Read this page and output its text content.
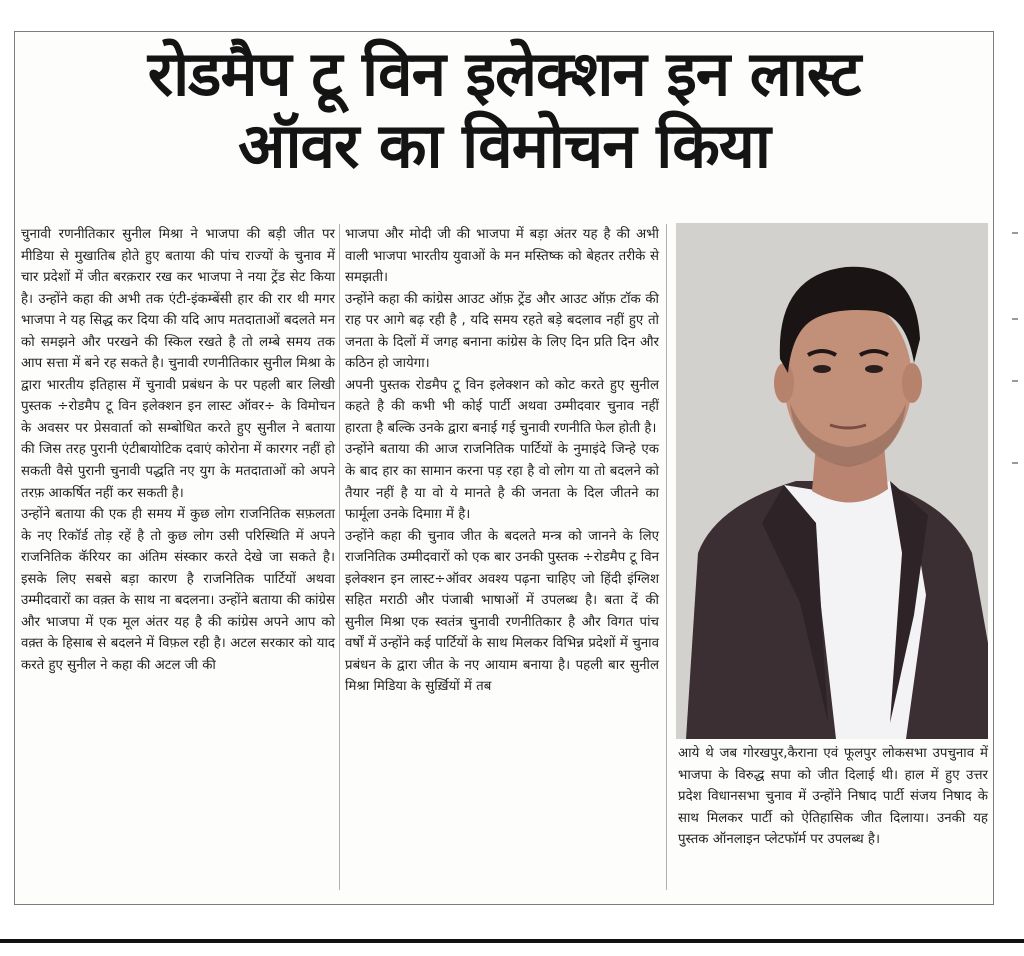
रोडमैप टू विन इलेक्शन इन लास्ट
ऑवर का विमोचन किया

चुनावी रणनीतिकार सुनील मिश्रा ने भाजपा की बड़ी जीत पर मीडिया से मुखातिब होते हुए बताया की पांच राज्यों के चुनाव में चार प्रदेशों में जीत बरक़रार रख कर भाजपा ने नया ट्रेंड सेट किया है। उन्होंने कहा की अभी तक एंटी-इंकम्बेंसी हार की रार थी मगर भाजपा ने यह सिद्ध कर दिया की यदि आप मतदाताओं बदलते मन को समझने और परखने की स्किल रखते है तो लम्बे समय तक आप सत्ता में बने रह सकते है। चुनावी रणनीतिकार सुनील मिश्रा के द्वारा भारतीय इतिहास में चुनावी प्रबंधन के पर पहली बार लिखी पुस्तक ÷रोडमैप टू विन इलेक्शन इन लास्ट ऑवर÷ के विमोचन के अवसर पर प्रेसवार्ता को सम्बोधित करते हुए सुनील ने बताया की जिस तरह पुरानी एंटीबायोटिक दवाएं कोरोना में कारगर नहीं हो सकती वैसे पुरानी चुनावी पद्धति नए युग के मतदाताओं को अपने तरफ़ आकर्षित नहीं कर सकती है।

उन्होंने बताया की एक ही समय में कुछ लोग राजनितिक सफ़लता के नए रिकॉर्ड तोड़ रहें है तो कुछ लोग उसी परिस्थिति में अपने राजनितिक कॅरियर का अंतिम संस्कार करते देखे जा सकते है। इसके लिए सबसे बड़ा कारण है राजनितिक पार्टियों अथवा उम्मीदवारों का वक़्त के साथ ना बदलना। उन्होंने बताया की कांग्रेस और भाजपा में एक मूल अंतर यह है की कांग्रेस अपने आप को वक़्त के हिसाब से बदलने में विफ़ल रही है। अटल सरकार को याद करते हुए सुनील ने कहा की अटल जी की

भाजपा और मोदी जी की भाजपा में बड़ा अंतर यह है की अभी वाली भाजपा भारतीय युवाओं के मन मस्तिष्क को बेहतर तरीके से समझती।

उन्होंने कहा की कांग्रेस आउट ऑफ़ ट्रेंड और आउट ऑफ़ टॉक की राह पर आगे बढ़ रही है , यदि समय रहते बड़े बदलाव नहीं हुए तो जनता के दिलों में जगह बनाना कांग्रेस के लिए दिन प्रति दिन और कठिन हो जायेगा।

अपनी पुस्तक रोडमैप टू विन इलेक्शन को कोट करते हुए सुनील कहते है की कभी भी कोई पार्टी अथवा उम्मीदवार चुनाव नहीं हारता है बल्कि उनके द्वारा बनाई गई चुनावी रणनीति फेल होती है।

उन्होंने बताया की आज राजनितिक पार्टियों के नुमाइंदे जिन्हे एक के बाद हार का सामान करना पड़ रहा है वो लोग या तो बदलने को तैयार नहीं है या वो ये मानते है की जनता के दिल जीतने का फार्मूला उनके दिमाग़ में है।

उन्होंने कहा की चुनाव जीत के बदलते मन्त्र को जानने के लिए राजनितिक उम्मीदवारों को एक बार उनकी पुस्तक ÷रोडमैप टू विन इलेक्शन इन लास्ट÷ऑवर अवश्य पढ़ना चाहिए जो हिंदी इंग्लिश सहित मराठी और पंजाबी भाषाओं में उपलब्ध है। बता दें की सुनील मिश्रा एक स्वतंत्र चुनावी रणनीतिकार है और विगत पांच वर्षों में उन्होंने कई पार्टियों के साथ मिलकर विभिन्न प्रदेशों में चुनाव प्रबंधन के द्वारा जीत के नए आयाम बनाया है। पहली बार सुनील मिश्रा मिडिया के सुर्ख़ियों में तब

आये थे जब गोरखपुर,कैराना एवं फूलपुर लोकसभा उपचुनाव में भाजपा के विरुद्ध सपा को जीत दिलाई थी। हाल में हुए उत्तर प्रदेश विधानसभा चुनाव में उन्होंने निषाद पार्टी संजय निषाद के साथ मिलकर पार्टी को ऐतिहासिक जीत दिलाया। उनकी यह पुस्तक ऑनलाइन प्लेटफॉर्म पर उपलब्ध है।
